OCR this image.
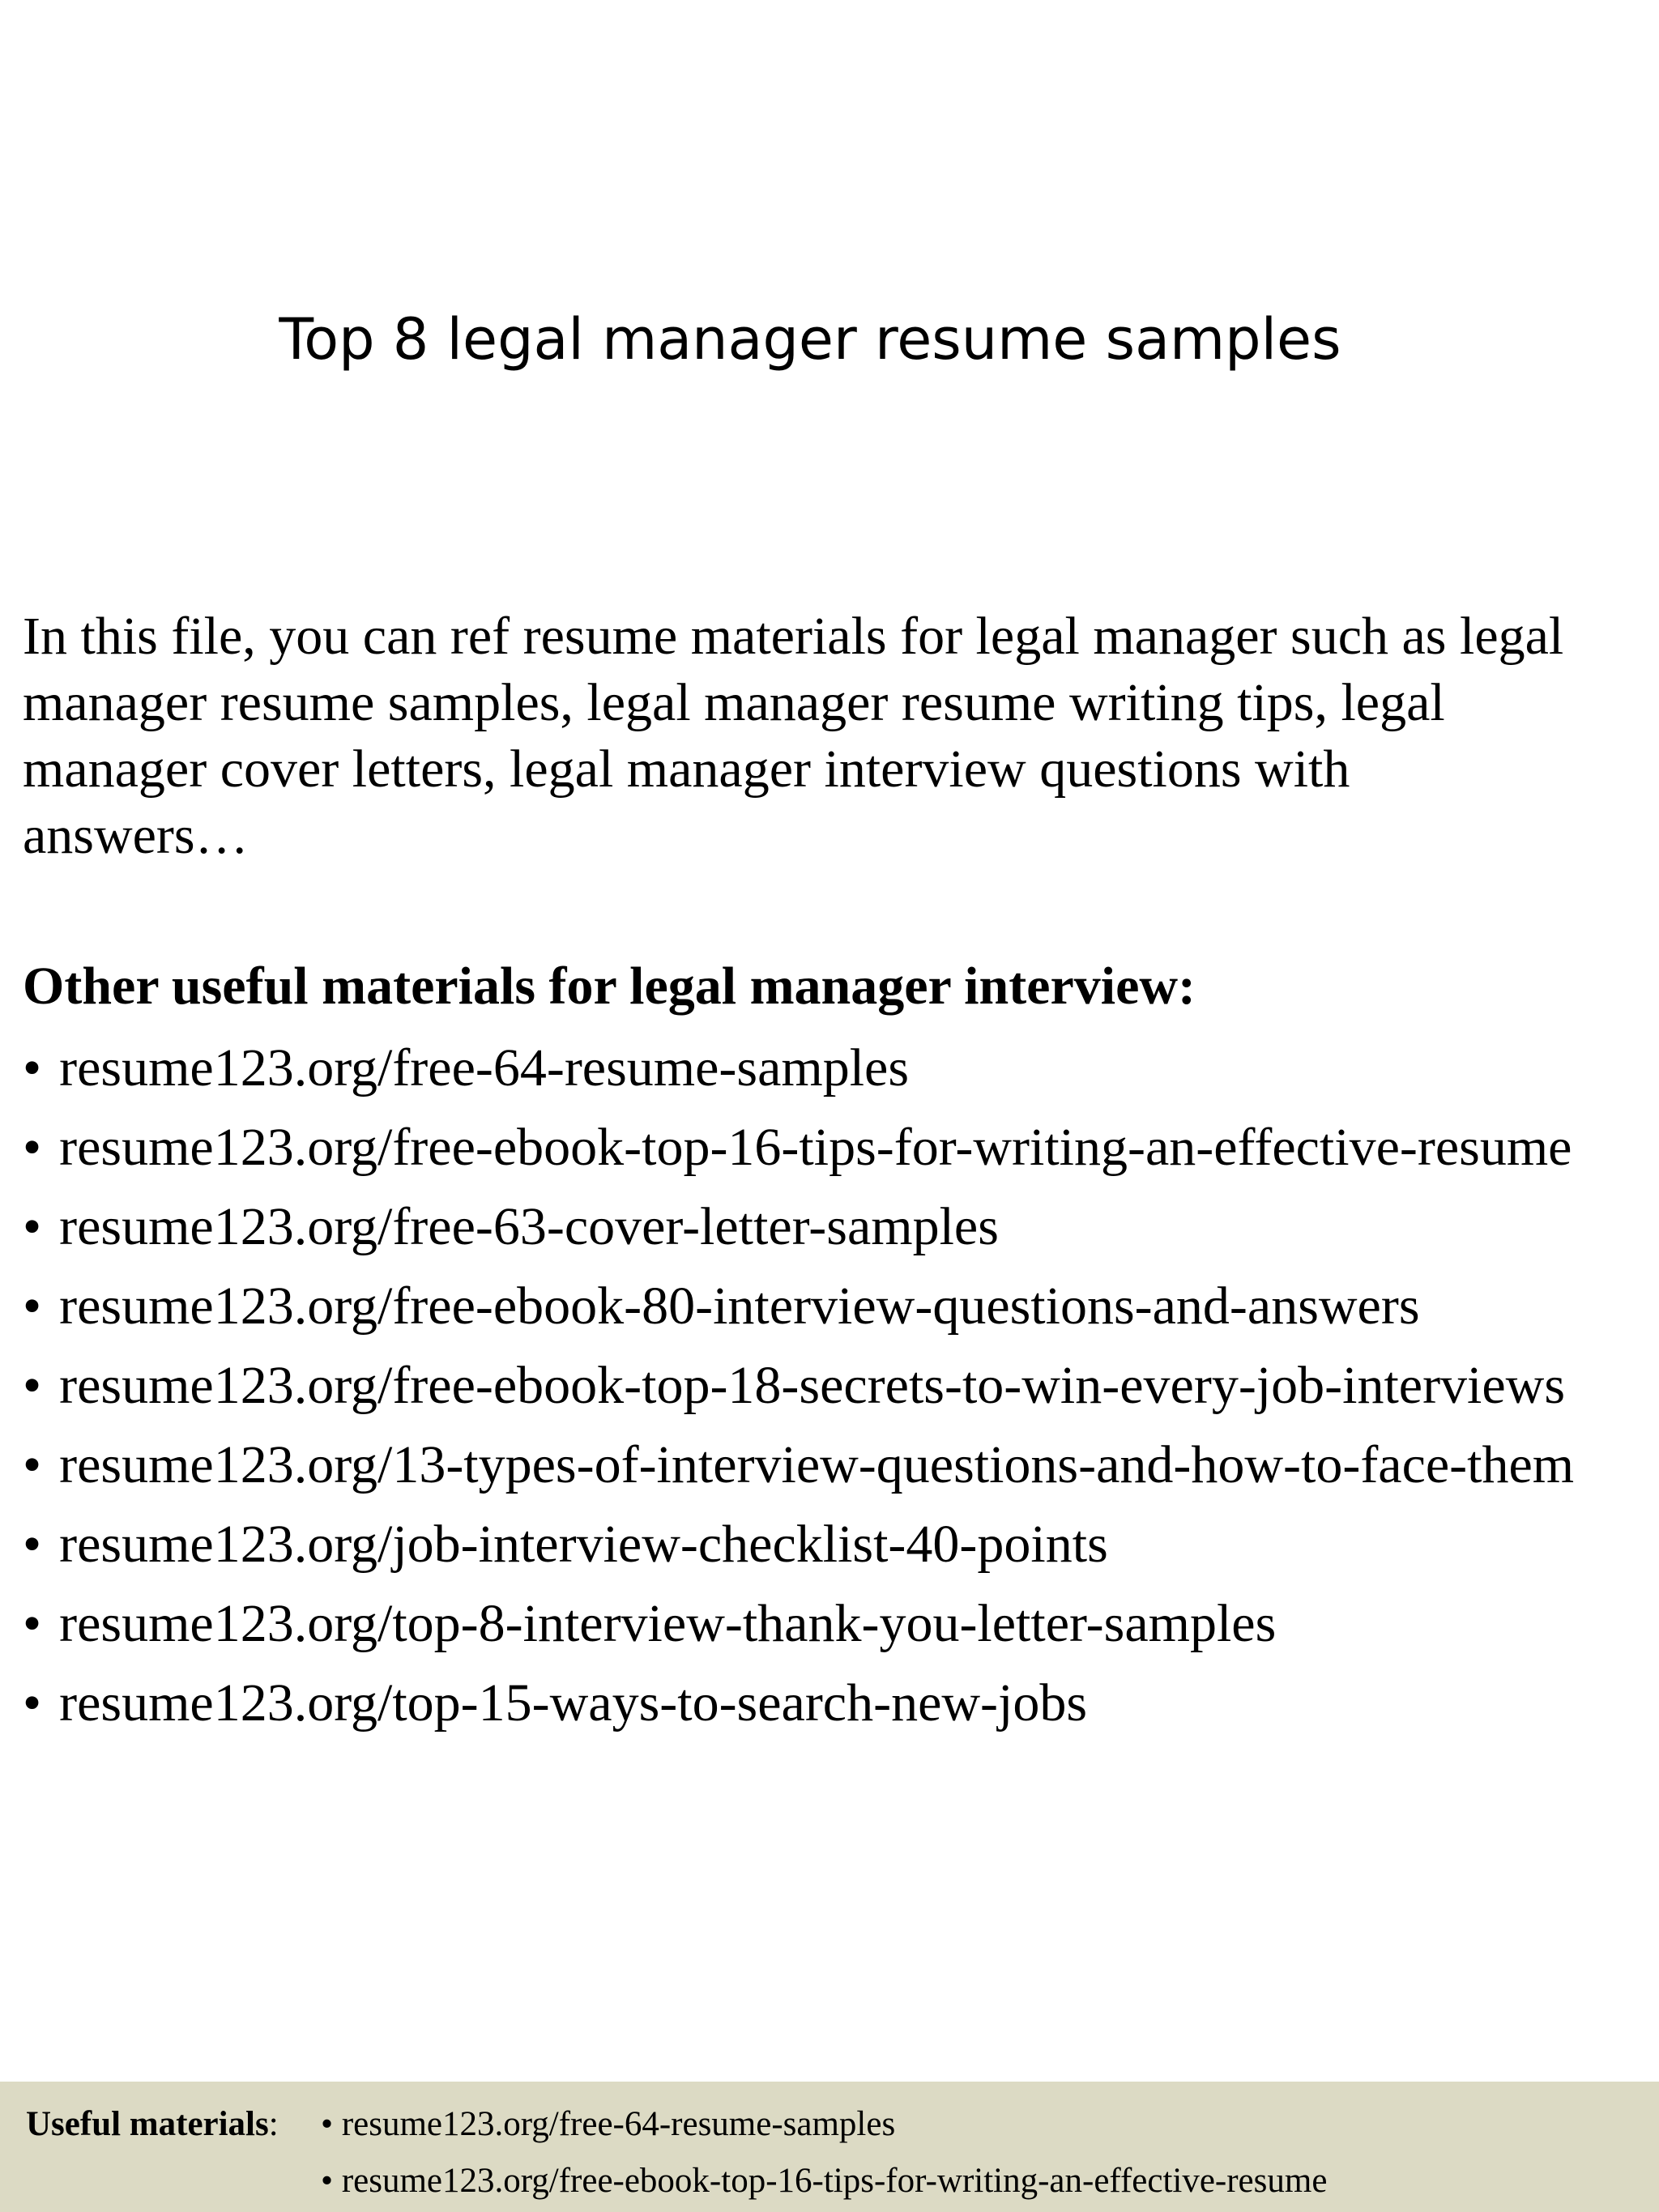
Top 8 legal manager resume samples
In this file, you can ref resume materials for legal manager such as legal
manager resume samples, legal manager resume writing tips, legal
manager cover letters, legal manager interview questions with
answers…
Other useful materials for legal manager interview:
• resume123.org/free-64-resume-samples
• resume123.org/free-ebook-top-16-tips-for-writing-an-effective-resume
• resume123.org/free-63-cover-letter-samples
• resume123.org/free-ebook-80-interview-questions-and-answers
• resume123.org/free-ebook-top-18-secrets-to-win-every-job-interviews
• resume123.org/13-types-of-interview-questions-and-how-to-face-them
• resume123.org/job-interview-checklist-40-points
• resume123.org/top-8-interview-thank-you-letter-samples
• resume123.org/top-15-ways-to-search-new-jobs
Useful materials: • resume123.org/free-64-resume-samples
• resume123.org/free-ebook-top-16-tips-for-writing-an-effective-resume
